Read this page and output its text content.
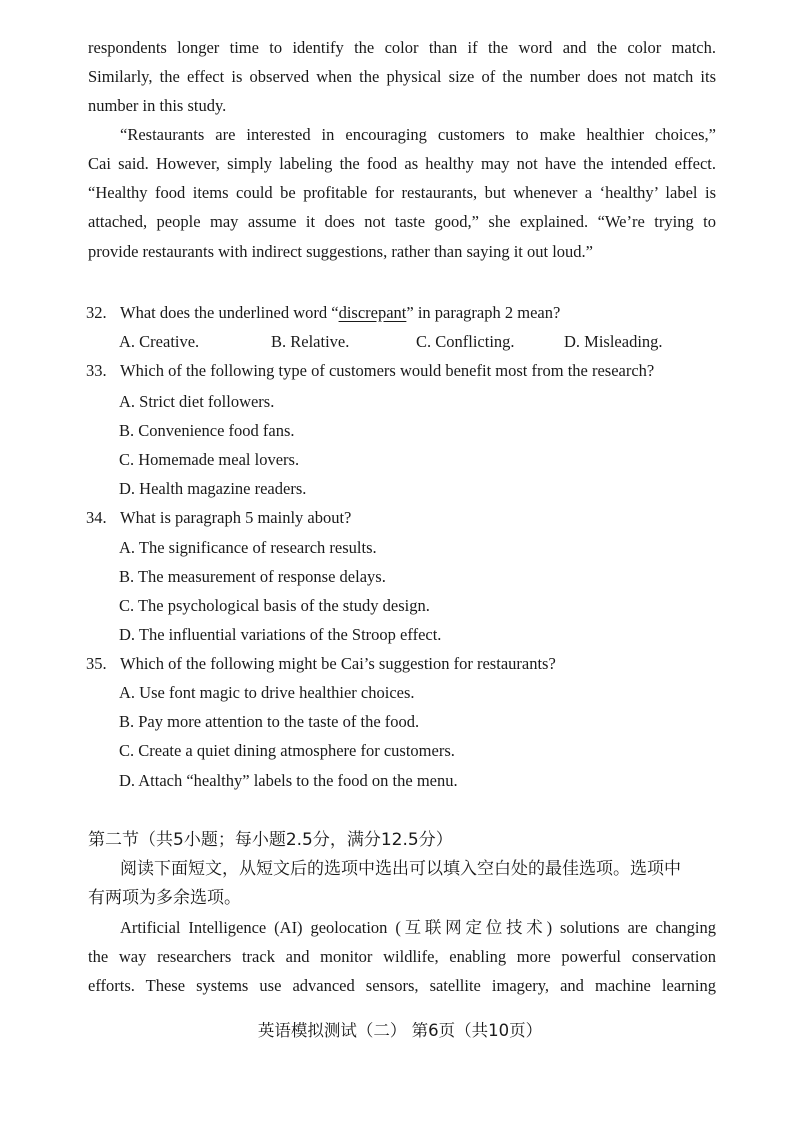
respondents longer time to identify the color than if the word and the color match.
Similarly, the effect is observed when the physical size of the number does not match its
number in this study.
“Restaurants are interested in encouraging customers to make healthier choices,”
Cai said. However, simply labeling the food as healthy may not have the intended effect.
“Healthy food items could be profitable for restaurants, but whenever a ‘healthy’ label is
attached, people may assume it does not taste good,” she explained. “We’re trying to
provide restaurants with indirect suggestions, rather than saying it out loud.”
32. What does the underlined word “discrepant” in paragraph 2 mean?
A. Creative.	B. Relative.	C. Conflicting.	D. Misleading.
33. Which of the following type of customers would benefit most from the research?
A. Strict diet followers.
B. Convenience food fans.
C. Homemade meal lovers.
D. Health magazine readers.
34. What is paragraph 5 mainly about?
A. The significance of research results.
B. The measurement of response delays.
C. The psychological basis of the study design.
D. The influential variations of the Stroop effect.
35. Which of the following might be Cai’s suggestion for restaurants?
A. Use font magic to drive healthier choices.
B. Pay more attention to the taste of the food.
C. Create a quiet dining atmosphere for customers.
D. Attach “healthy” labels to the food on the menu.
第二节（共5小题；每小题2.5分，满分12.5分）
阅读下面短文，从短文后的选项中选出可以填入空白处的最佳选项。选项中
有两项为多余选项。
Artificial Intelligence (AI) geolocation (互联网定位技术) solutions are changing
the way researchers track and monitor wildlife, enabling more powerful conservation
efforts. These systems use advanced sensors, satellite imagery, and machine learning
英语模拟测试（二） 第6页（共10页）
